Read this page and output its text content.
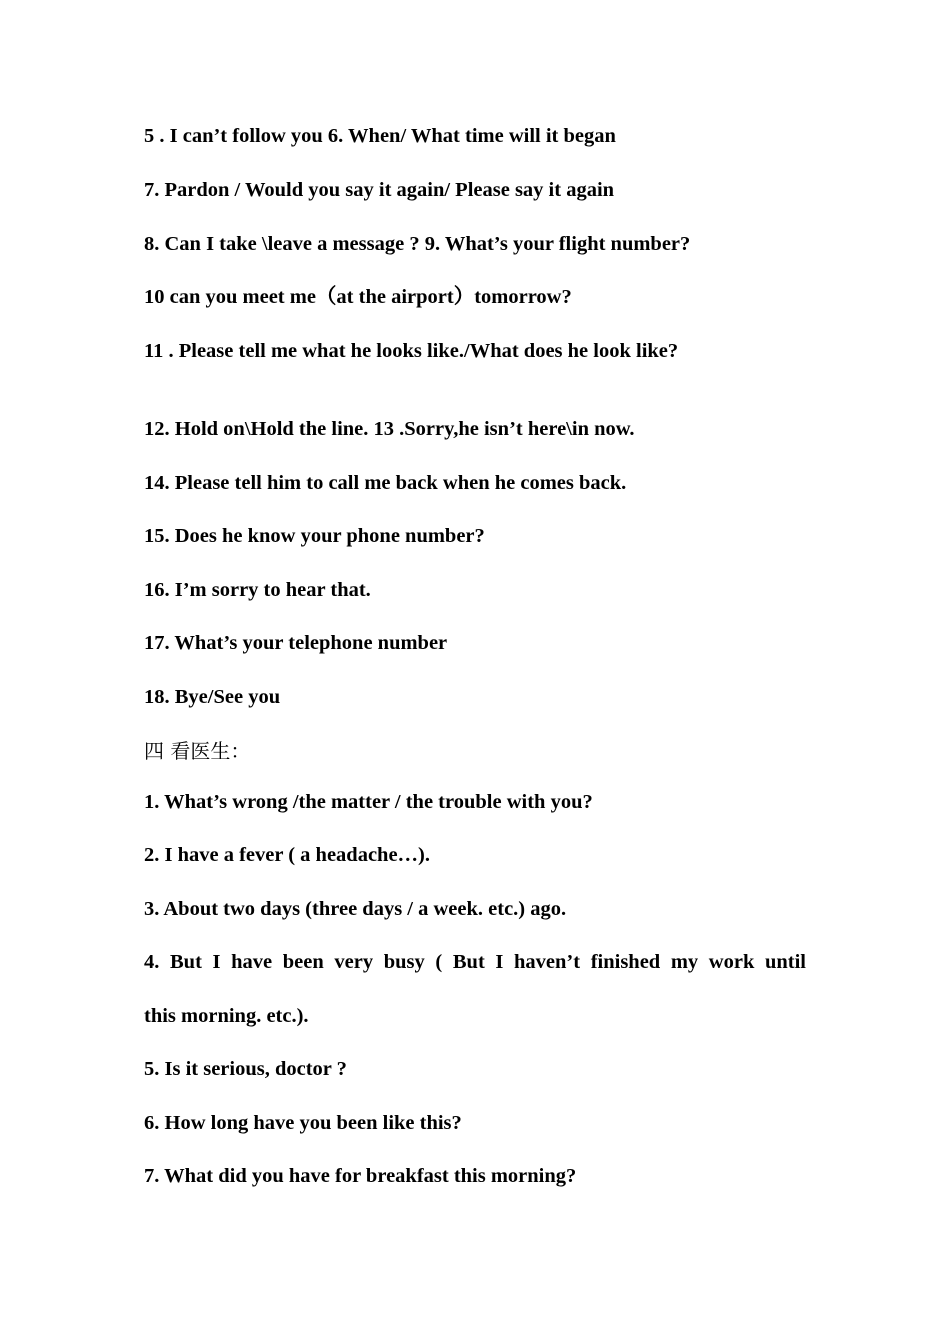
5 . I can’t follow you 6. When/ What time will it began
7. Pardon / Would you say it again/ Please say it again
8. Can I take \leave a message ? 9. What’s your flight number?
10 can you meet me（at the airport）tomorrow?
11 . Please tell me what he looks like./What does he look like?
12. Hold on\Hold the line. 13 .Sorry,he isn’t here\in now.
14. Please tell him to call me back when he comes back.
15. Does he know your phone number?
16. I’m sorry to hear that.
17. What’s your telephone number
18. Bye/See you
四 看医生：
1. What’s wrong /the matter / the trouble with you?
2. I have a fever ( a headache…).
3. About two days (three days / a week. etc.) ago.
4. But I have been very busy ( But I haven’t finished my work until
this morning. etc.).
5. Is it serious, doctor ?
6. How long have you been like this?
7. What did you have for breakfast this morning?
